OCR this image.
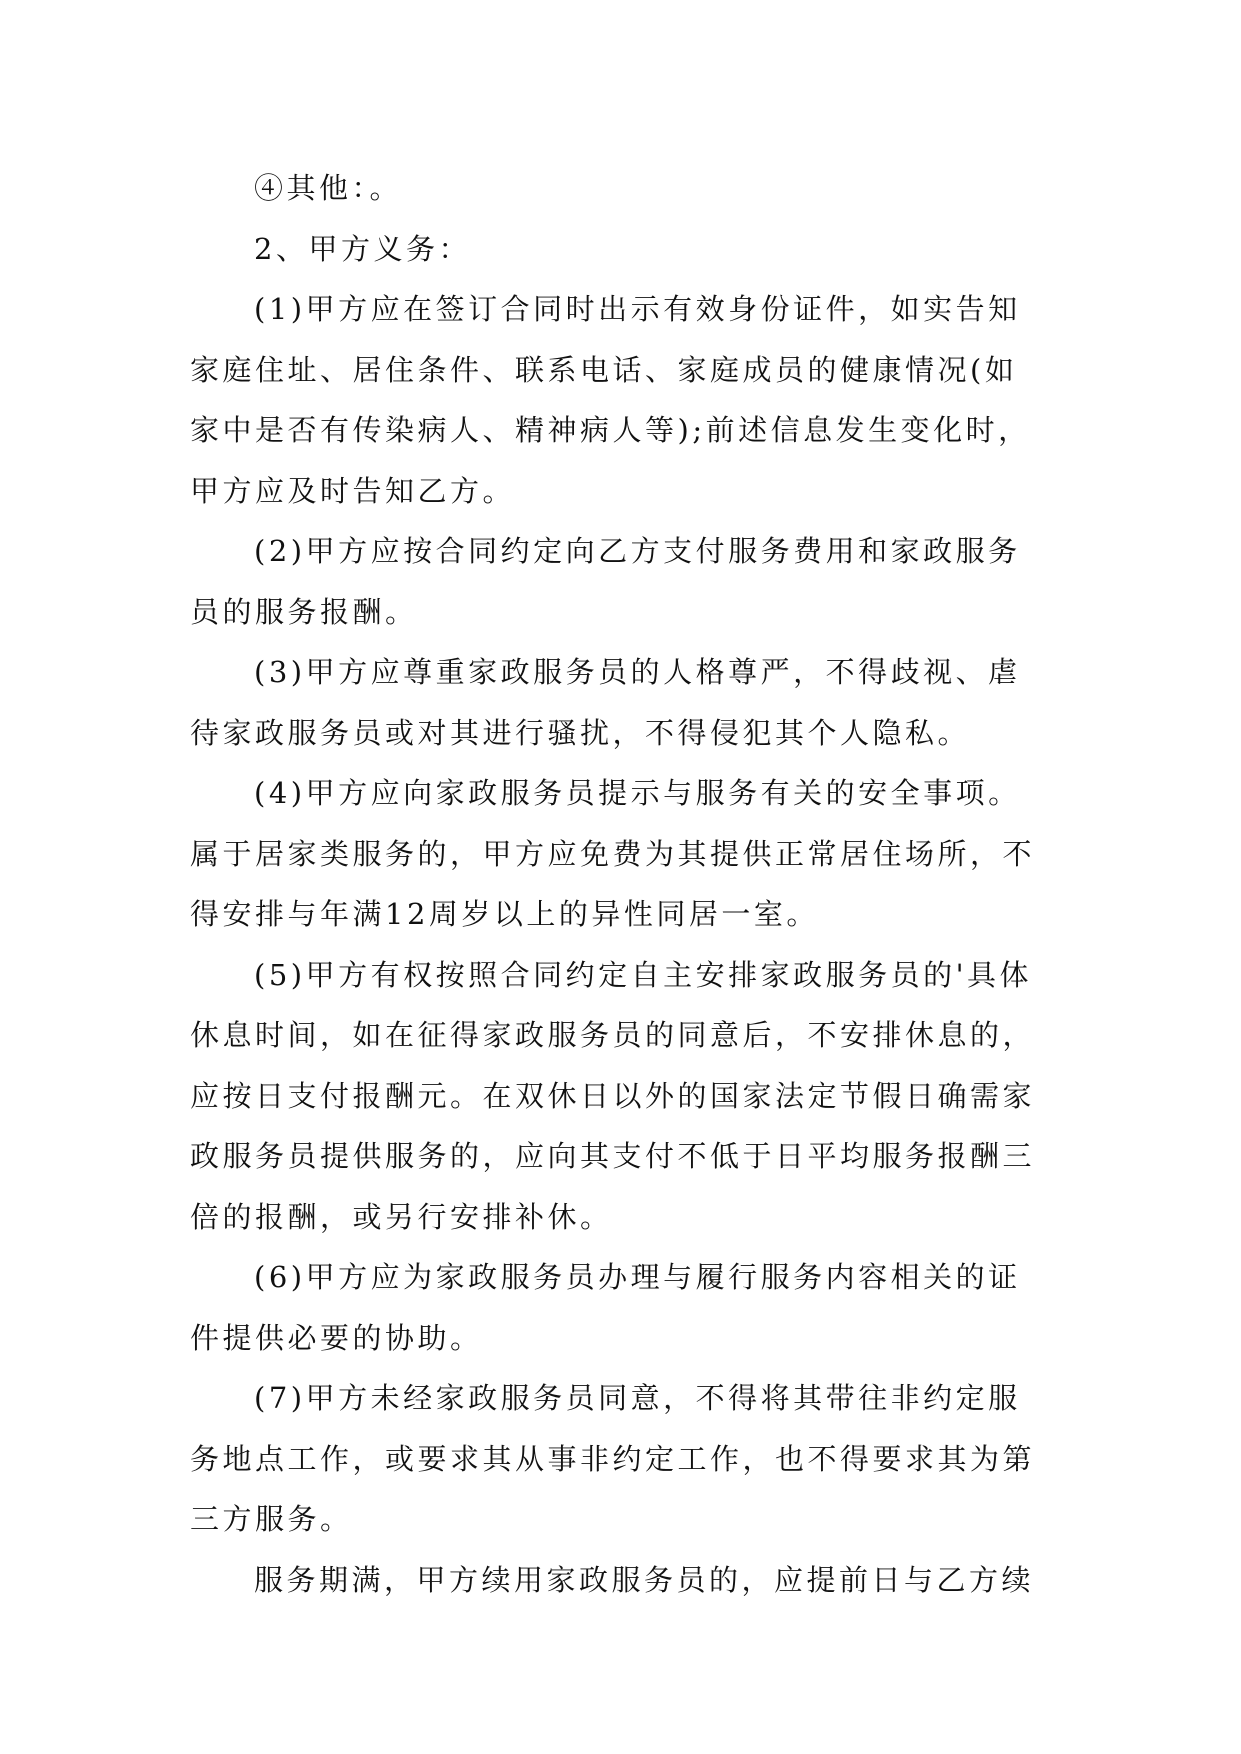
④其他：。
2、甲方义务：
(1)甲方应在签订合同时出示有效身份证件，如实告知
家庭住址、居住条件、联系电话、家庭成员的健康情况(如
家中是否有传染病人、精神病人等);前述信息发生变化时，
甲方应及时告知乙方。
(2)甲方应按合同约定向乙方支付服务费用和家政服务
员的服务报酬。
(3)甲方应尊重家政服务员的人格尊严，不得歧视、虐
待家政服务员或对其进行骚扰，不得侵犯其个人隐私。
(4)甲方应向家政服务员提示与服务有关的安全事项。
属于居家类服务的，甲方应免费为其提供正常居住场所，不
得安排与年满12周岁以上的异性同居一室。
(5)甲方有权按照合同约定自主安排家政服务员的'具体
休息时间，如在征得家政服务员的同意后，不安排休息的，
应按日支付报酬元。在双休日以外的国家法定节假日确需家
政服务员提供服务的，应向其支付不低于日平均服务报酬三
倍的报酬，或另行安排补休。
(6)甲方应为家政服务员办理与履行服务内容相关的证
件提供必要的协助。
(7)甲方未经家政服务员同意，不得将其带往非约定服
务地点工作，或要求其从事非约定工作，也不得要求其为第
三方服务。
服务期满，甲方续用家政服务员的，应提前日与乙方续
